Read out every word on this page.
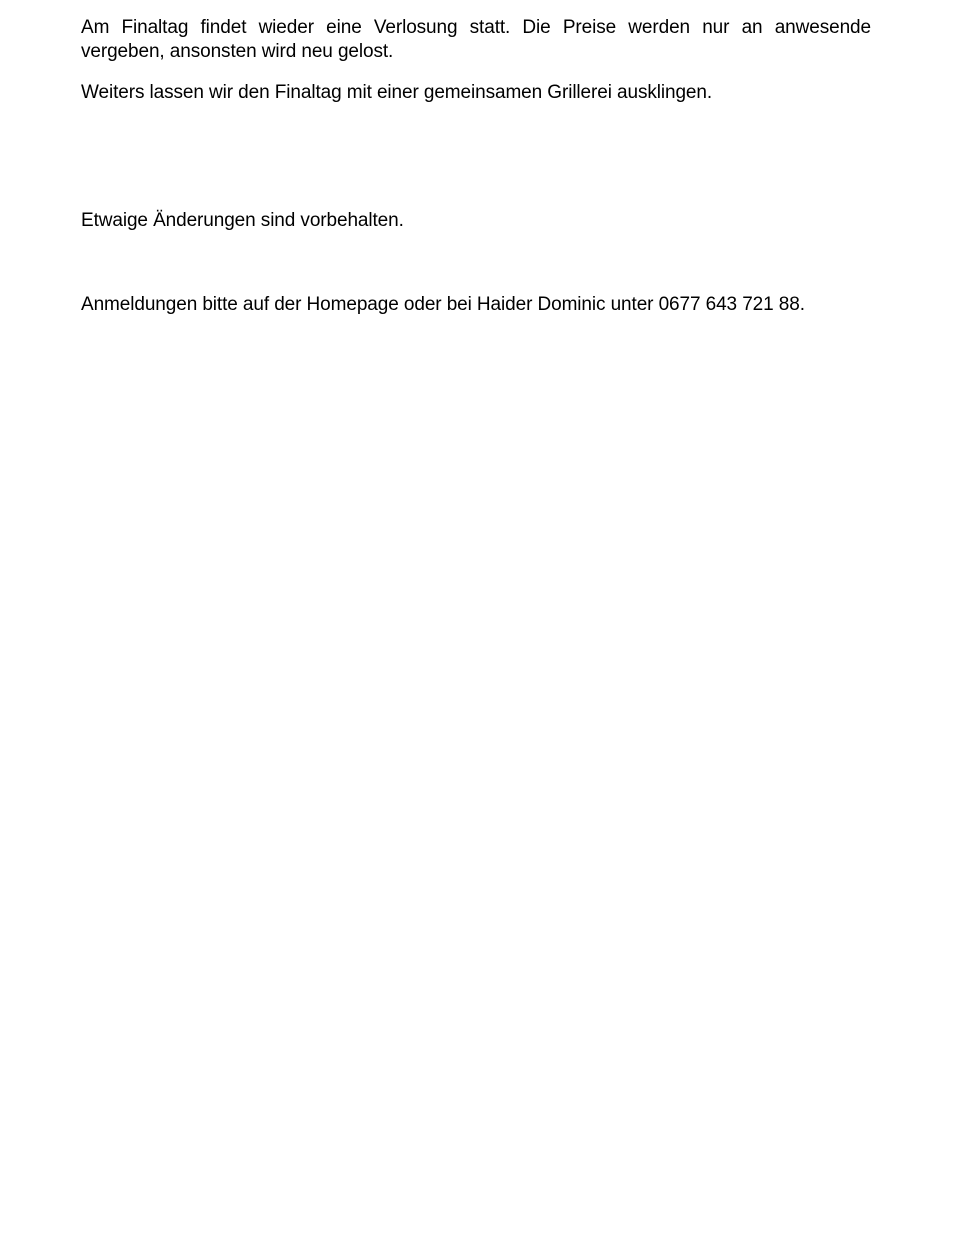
Am Finaltag findet wieder eine Verlosung statt. Die Preise werden nur an anwesende vergeben, ansonsten wird neu gelost.

Weiters lassen wir den Finaltag mit einer gemeinsamen Grillerei ausklingen.

Etwaige Änderungen sind vorbehalten.

Anmeldungen bitte auf der Homepage oder bei Haider Dominic unter 0677 643 721 88.
